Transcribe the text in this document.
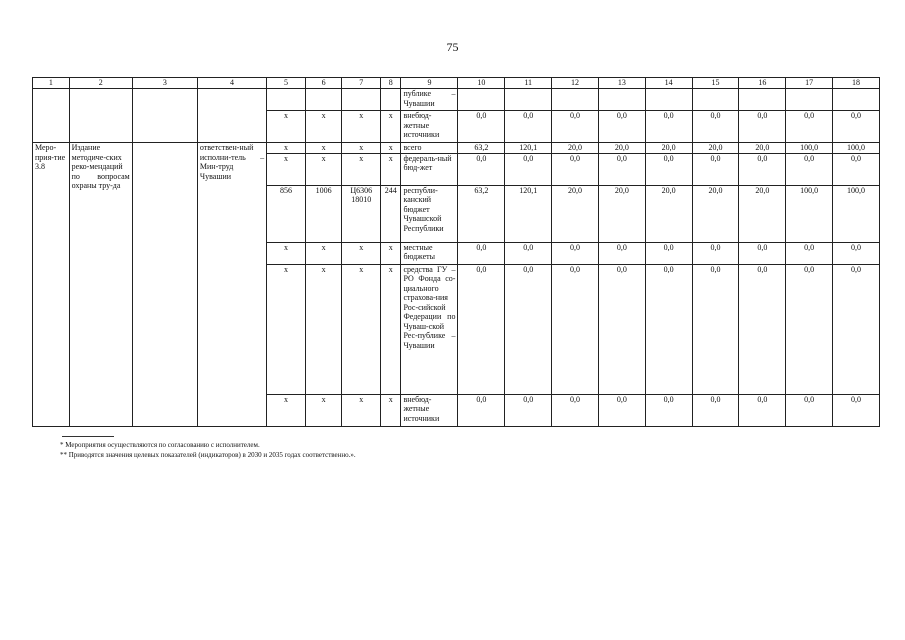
75
1	2	3	4	5	6	7	8	9	10	11	12	13	14	15	16	17	18
								публике – Чувашии									
				x	x	x	x	внебюд-жетные источники	0,0	0,0	0,0	0,0	0,0	0,0	0,0	0,0	0,0
Меро-прия-тие 3.8	Издание методиче-ских реко-мендаций по вопросам охраны тру-да		ответствен-ный исполни-тель – Мин-труд Чувашии	x	x	x	x	всего	63,2	120,1	20,0	20,0	20,0	20,0	20,0	100,0	100,0
				x	x	x	x	федераль-ный бюд-жет	0,0	0,0	0,0	0,0	0,0	0,0	0,0	0,0	0,0
				856	1006	Ц6306 18010	244	республи-канский бюджет Чувашской Республики	63,2	120,1	20,0	20,0	20,0	20,0	20,0	100,0	100,0
				x	x	x	x	местные бюджеты	0,0	0,0	0,0	0,0	0,0	0,0	0,0	0,0	0,0
				x	x	x	x	средства ГУ – РО Фонда со-циального страхова-ния Рос-сийской Федерации по Чуваш-ской Рес-публике – Чувашии	0,0	0,0	0,0	0,0	0,0	0,0	0,0	0,0	0,0
				x	x	x	x	внебюд-жетные источники	0,0	0,0	0,0	0,0	0,0	0,0	0,0	0,0	0,0
* Мероприятия осуществляются по согласованию с исполнителем.
** Приводятся значения целевых показателей (индикаторов) в 2030 и 2035 годах соответственно.».
